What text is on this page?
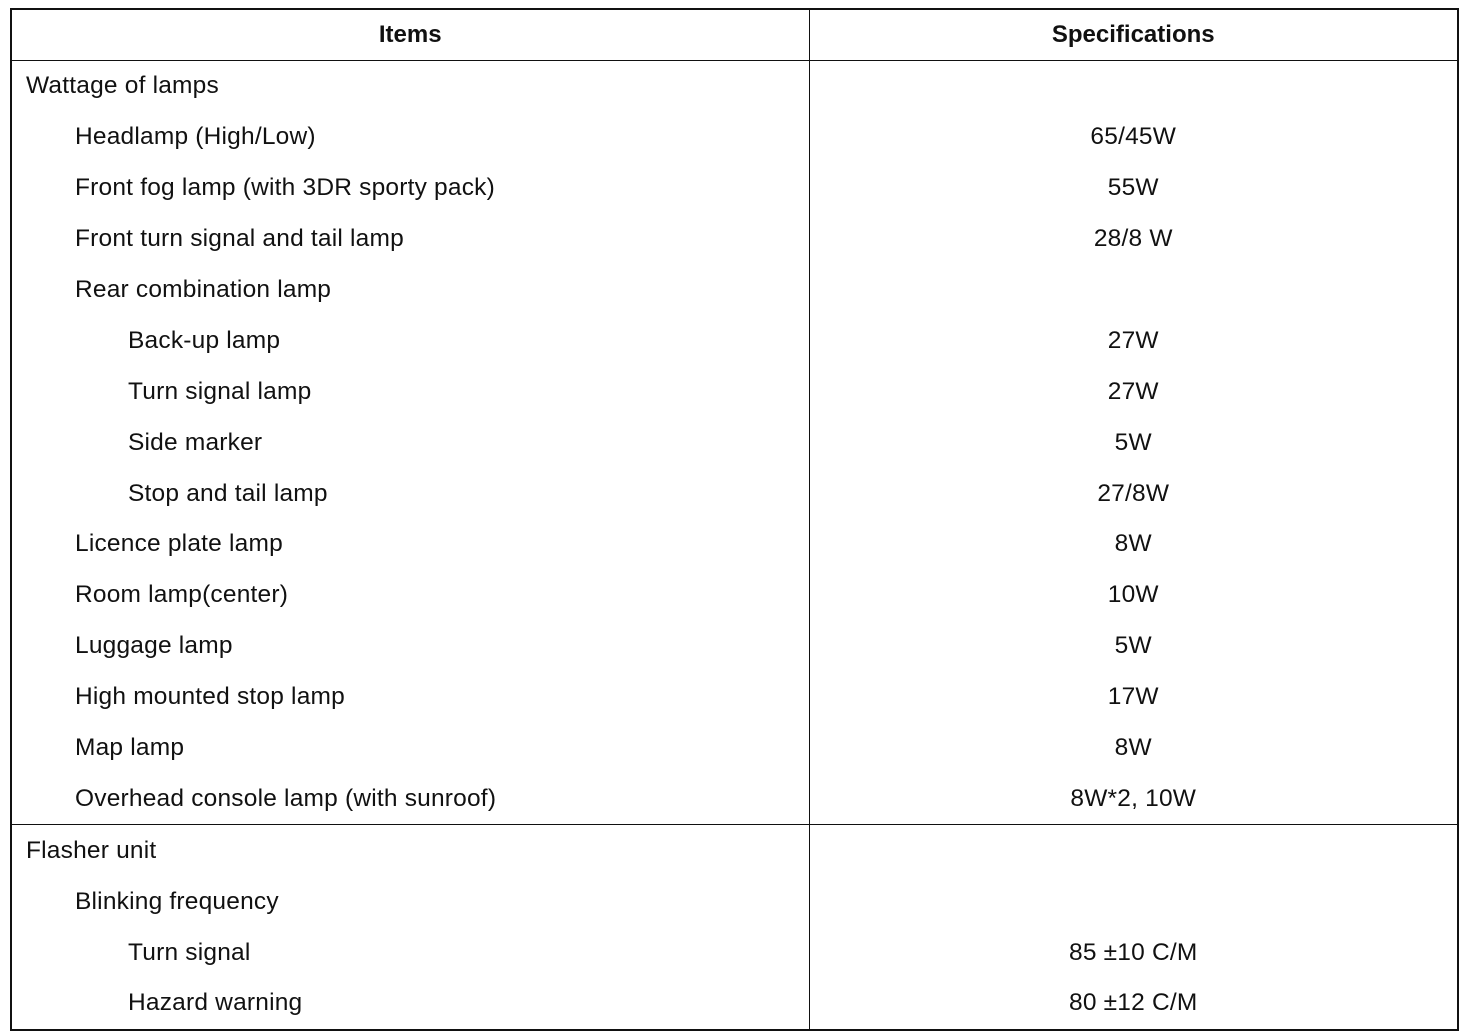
Items	Specifications
Wattage of lamps	
Headlamp (High/Low)	65/45W
Front fog lamp (with 3DR sporty pack)	55W
Front turn signal and tail lamp	28/8 W
Rear combination lamp	
Back-up lamp	27W
Turn signal lamp	27W
Side marker	5W
Stop and tail lamp	27/8W
Licence plate lamp	8W
Room lamp(center)	10W
Luggage lamp	5W
High mounted stop lamp	17W
Map lamp	8W
Overhead console lamp (with sunroof)	8W*2, 10W
Flasher unit	
Blinking frequency	
Turn signal	85 ±10 C/M
Hazard warning	80 ±12 C/M
